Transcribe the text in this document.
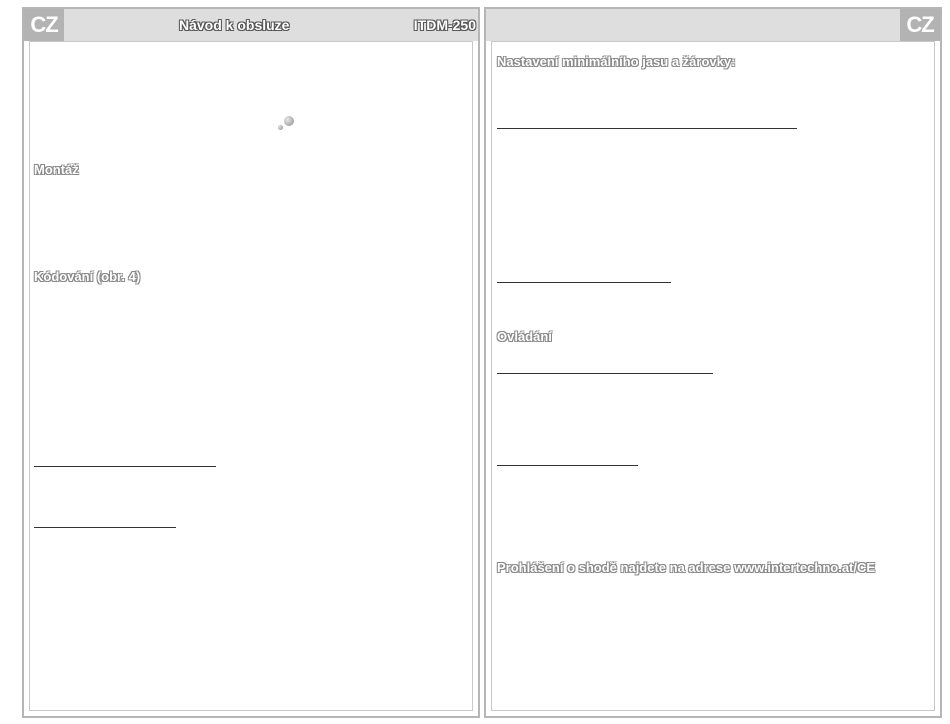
CZ	Návod k obsluze	ITDM-250
Montáž
Kódování (obr. 4)
CZ
Nastavení minimálního jasu a žárovky:
Ovládání
Prohlášení o shodě najdete na adrese www.intertechno.at/CE
